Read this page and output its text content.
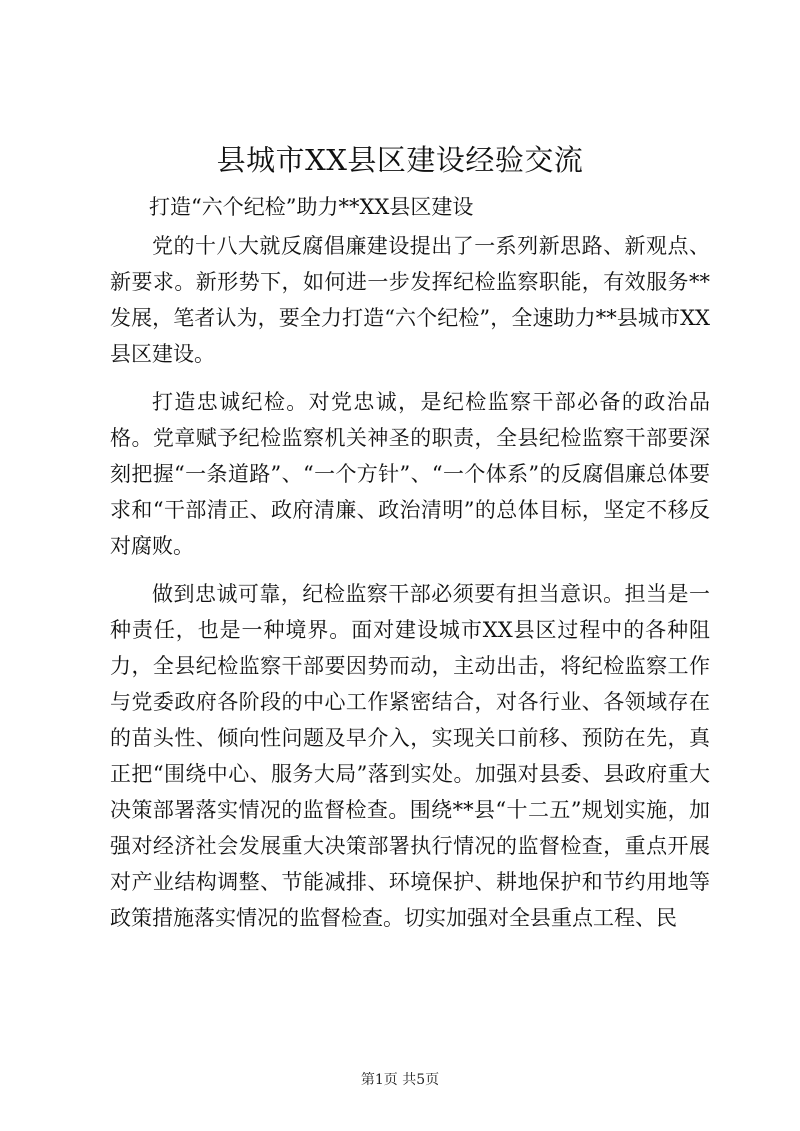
县城市XX县区建设经验交流

打造“六个纪检”助力**XX县区建设

党的十八大就反腐倡廉建设提出了一系列新思路、新观点、新要求。新形势下，如何进一步发挥纪检监察职能，有效服务**发展，笔者认为，要全力打造“六个纪检”，全速助力**县城市XX县区建设。

打造忠诚纪检。对党忠诚，是纪检监察干部必备的政治品格。党章赋予纪检监察机关神圣的职责，全县纪检监察干部要深刻把握“一条道路”、“一个方针”、“一个体系”的反腐倡廉总体要求和“干部清正、政府清廉、政治清明”的总体目标，坚定不移反对腐败。

做到忠诚可靠，纪检监察干部必须要有担当意识。担当是一种责任，也是一种境界。面对建设城市XX县区过程中的各种阻力，全县纪检监察干部要因势而动，主动出击，将纪检监察工作与党委政府各阶段的中心工作紧密结合，对各行业、各领域存在的苗头性、倾向性问题及早介入，实现关口前移、预防在先，真正把“围绕中心、服务大局”落到实处。加强对县委、县政府重大决策部署落实情况的监督检查。围绕**县“十二五”规划实施，加强对经济社会发展重大决策部署执行情况的监督检查，重点开展对产业结构调整、节能减排、环境保护、耕地保护和节约用地等政策措施落实情况的监督检查。切实加强对全县重点工程、民

第1页 共5页
